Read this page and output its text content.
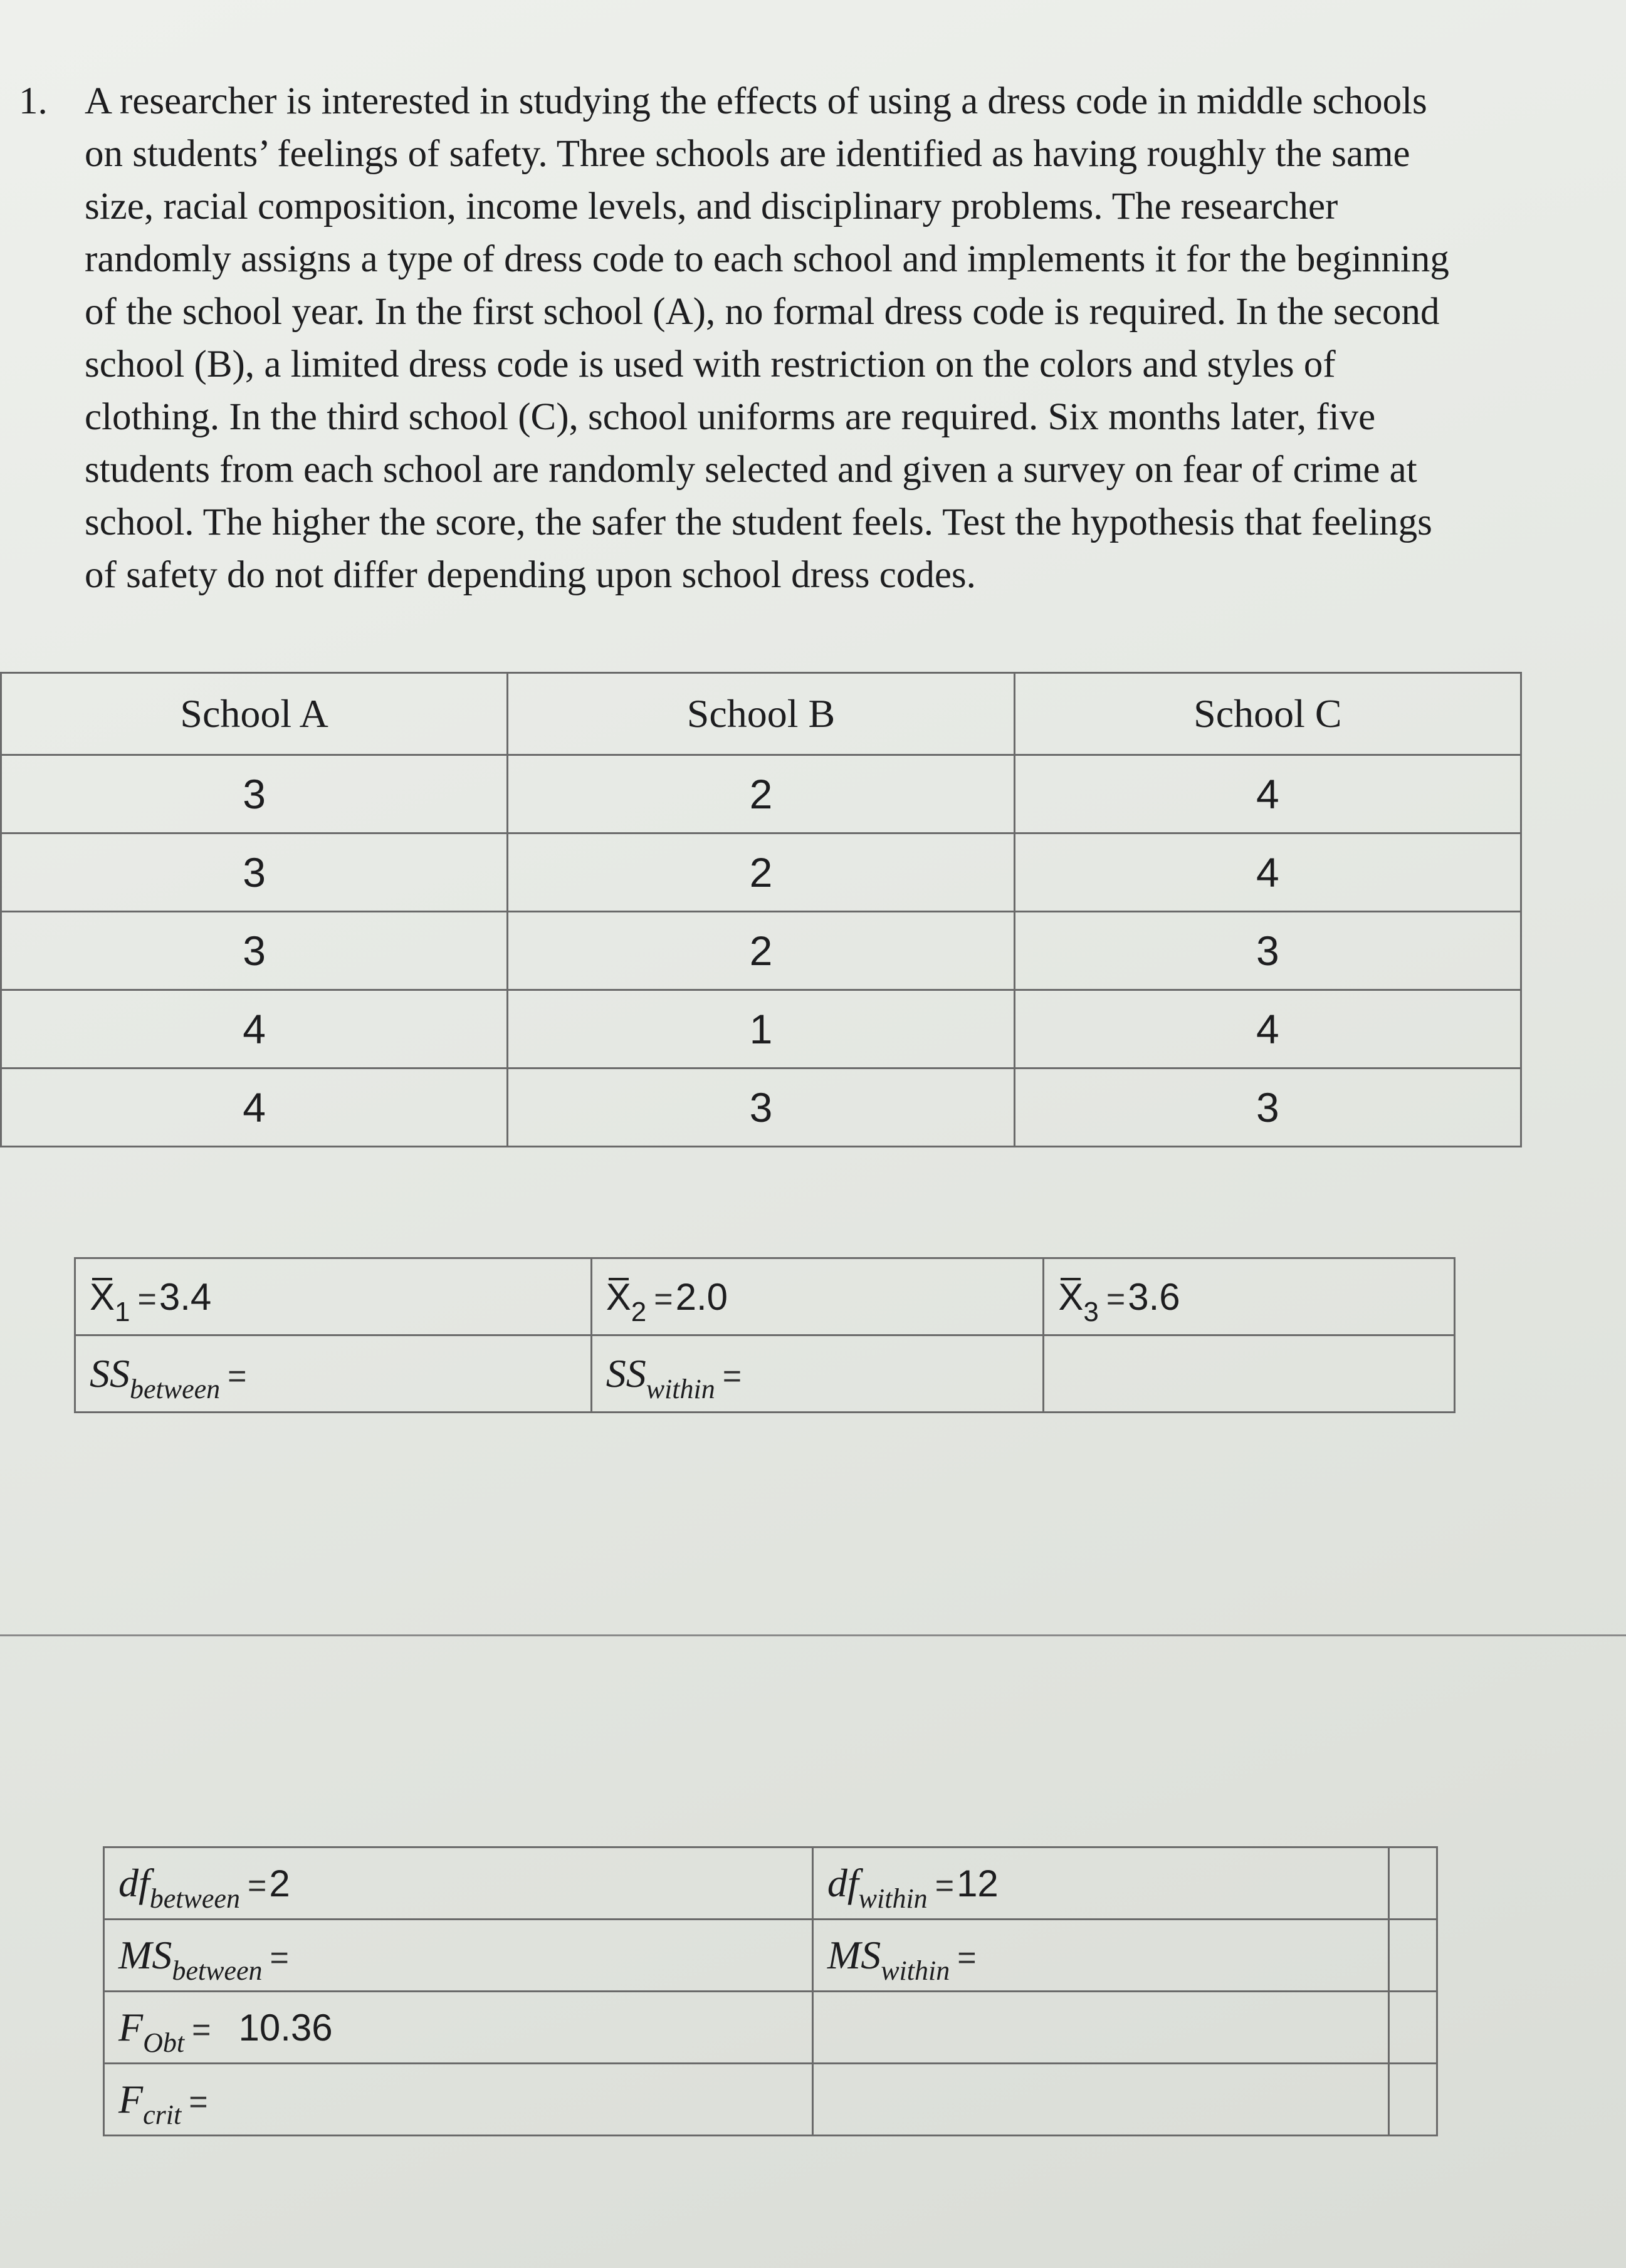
1. A researcher is interested in studying the effects of using a dress code in middle schools
on students’ feelings of safety. Three schools are identified as having roughly the same
size, racial composition, income levels, and disciplinary problems. The researcher
randomly assigns a type of dress code to each school and implements it for the beginning
of the school year. In the first school (A), no formal dress code is required. In the second
school (B), a limited dress code is used with restriction on the colors and styles of
clothing. In the third school (C), school uniforms are required. Six months later, five
students from each school are randomly selected and given a survey on fear of crime at
school. The higher the score, the safer the student feels. Test the hypothesis that feelings
of safety do not differ depending upon school dress codes.
School A	School B	School C
3	2	4
3	2	4
3	2	3
4	1	4
4	3	3
X1 = 3.4	X2 = 2.0	X3 = 3.6
SSbetween =	SSwithin =	
dfbetween = 2	dfwithin = 12	
MSbetween =	MSwithin =	
FObt = 10.36		
Fcrit =		
